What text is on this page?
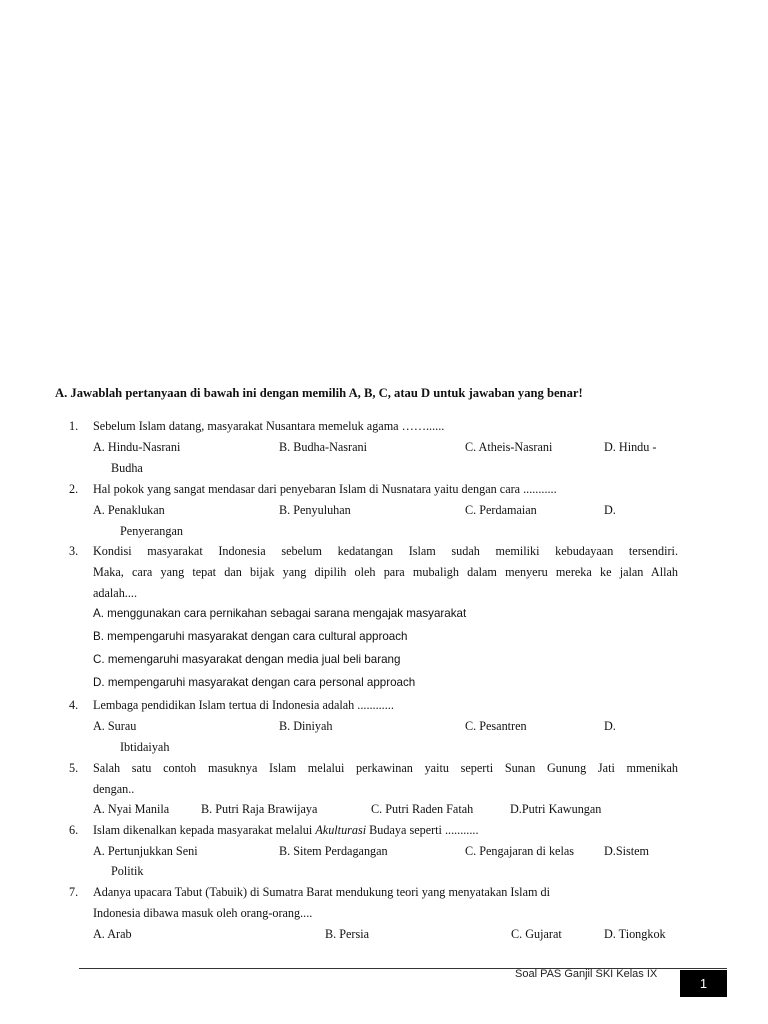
A. Jawablah pertanyaan di bawah ini dengan memilih A, B, C, atau D untuk jawaban yang benar!
1. Sebelum Islam datang, masyarakat Nusantara memeluk agama ……......
A. Hindu-Nasrani	B. Budha-Nasrani	C. Atheis-Nasrani	D. Hindu -
Budha
2. Hal pokok yang sangat mendasar dari penyebaran Islam di Nusnatara yaitu dengan cara ...........
A. Penaklukan	B. Penyuluhan	C. Perdamaian	D.
Penyerangan
3. Kondisi masyarakat Indonesia sebelum kedatangan Islam sudah memiliki kebudayaan tersendiri.
Maka, cara yang tepat dan bijak yang dipilih oleh para mubaligh dalam menyeru mereka ke jalan Allah
adalah....
A. menggunakan cara pernikahan sebagai sarana mengajak masyarakat
B. mempengaruhi masyarakat dengan cara cultural approach
C. memengaruhi masyarakat dengan media jual beli barang
D. mempengaruhi masyarakat dengan cara personal approach
4. Lembaga pendidikan Islam tertua di Indonesia adalah ............
A. Surau	B. Diniyah	C. Pesantren	D.
Ibtidaiyah
5. Salah satu contoh masuknya Islam melalui perkawinan yaitu seperti Sunan Gunung Jati mmenikah
dengan..
A. Nyai Manila	B. Putri Raja Brawijaya	C. Putri Raden Fatah	D.Putri Kawungan
6. Islam dikenalkan kepada masyarakat melalui Akulturasi Budaya seperti ...........
A. Pertunjukkan Seni	B. Sitem Perdagangan	C. Pengajaran di kelas D.Sistem
Politik
7. Adanya upacara Tabut (Tabuik) di Sumatra Barat mendukung teori yang menyatakan Islam di
Indonesia dibawa masuk oleh orang-orang....
A. Arab	B. Persia	C. Gujarat	D. Tiongkok
Soal PAS Ganjil SKI Kelas IX
1
